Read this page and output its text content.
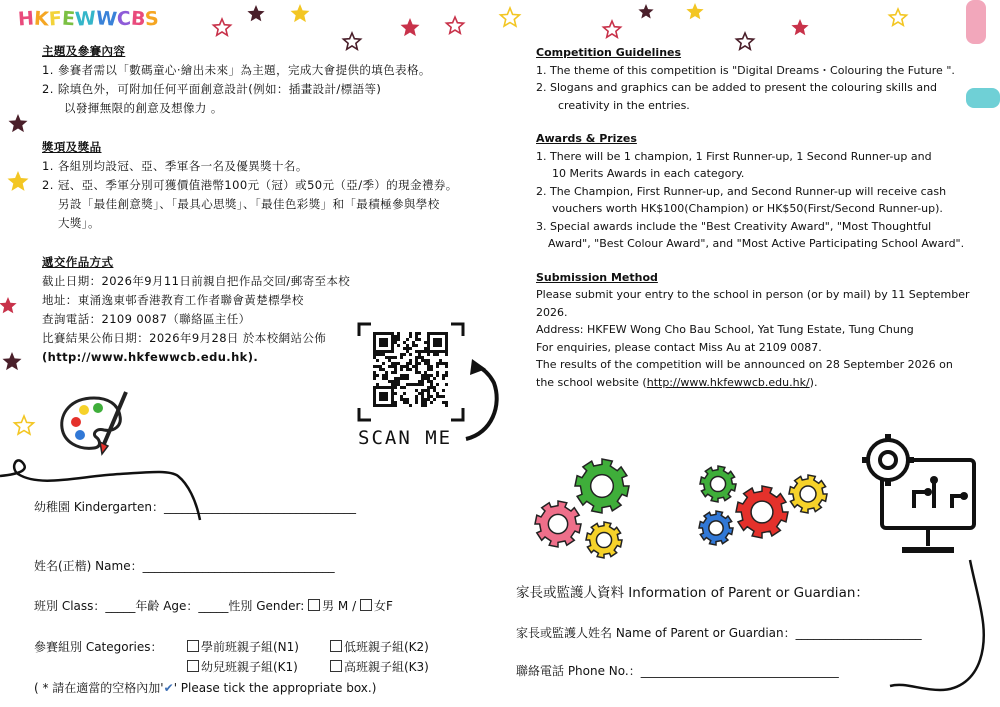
HKFEWWCBS
主題及參賽內容
1. 參賽者需以「數碼童心‧繪出未來」為主題，完成大會提供的填色表格。
2. 除填色外，可附加任何平面創意設計(例如：插畫設計/標語等)
以發揮無限的創意及想像力 。
獎項及獎品
1. 各組別均設冠、亞、季軍各一名及優異獎十名。
2. 冠、亞、季軍分別可獲價值港幣100元（冠）或50元（亞/季）的現金禮券。
另設「最佳創意獎」、「最具心思獎」、「最佳色彩獎」和「最積極參與學校
大獎」。
遞交作品方式
截止日期：2026年9月11日前親自把作品交回/郵寄至本校
地址：東涌逸東邨香港教育工作者聯會黃楚標學校
查詢電話：2109 0087（聯絡區主任）
比賽結果公佈日期：2026年9月28日 於本校網站公佈
(http://www.hkfewwcb.edu.hk).
SCAN ME
Competition Guidelines
1. The theme of this competition is "Digital Dreams・Colouring the Future ".
2. Slogans and graphics can be added to present the colouring skills and
creativity in the entries.
Awards & Prizes
1. There will be 1 champion, 1 First Runner-up, 1 Second Runner-up and
10 Merits Awards in each category.
2. The Champion, First Runner-up, and Second Runner-up will receive cash
vouchers worth HK$100(Champion) or HK$50(First/Second Runner-up).
3. Special awards include the "Best Creativity Award", "Most Thoughtful
Award", "Best Colour Award", and "Most Active Participating School Award".
Submission Method
Please submit your entry to the school in person (or by mail) by 11 September
2026.
Address: HKFEW Wong Cho Bau School, Yat Tung Estate, Tung Chung
For enquiries, please contact Miss Au at 2109 0087.
The results of the competition will be announced on 28 September 2026 on
the school website (http://www.hkfewwcb.edu.hk/).
幼稚園 Kindergarten：________________________________
姓名(正楷) Name：________________________________
班別 Class：_____年齡 Age：_____性別 Gender: 男 M / 女F
參賽組別 Categories：	學前班親子組(N1)	低班親子組(K2)
幼兒班親子組(K1)	高班親子組(K3)
( * 請在適當的空格內加'✔' Please tick the appropriate box.)
家長或監護人資料 Information of Parent or Guardian：
家長或監護人姓名 Name of Parent or Guardian：_____________________
聯絡電話 Phone No.：_________________________________
